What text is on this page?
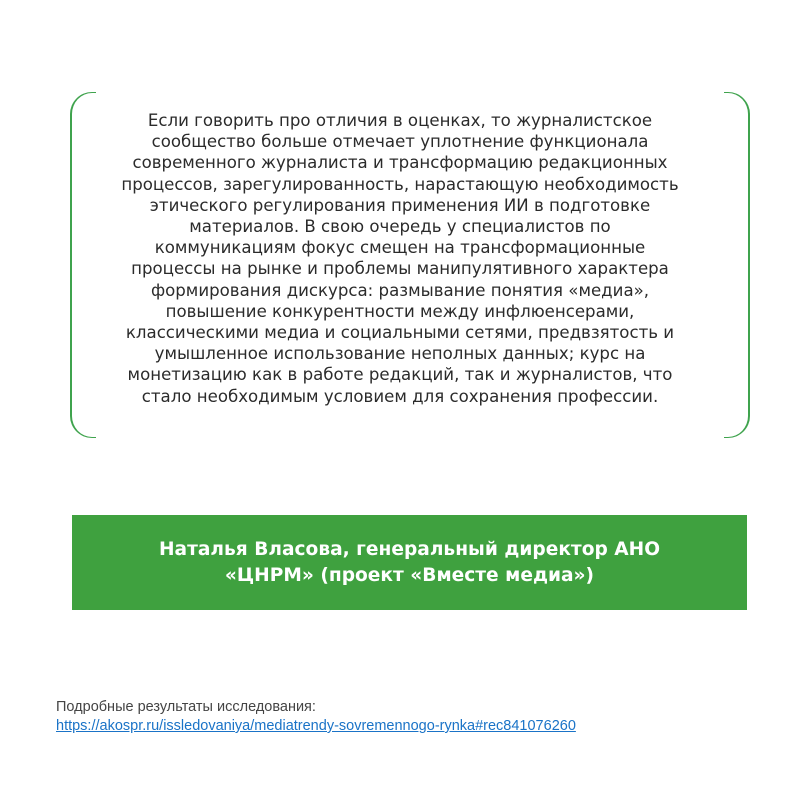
Если говорить про отличия в оценках, то журналистское
сообщество больше отмечает уплотнение функционала
современного журналиста и трансформацию редакционных
процессов, зарегулированность, нарастающую необходимость
этического регулирования применения ИИ в подготовке
материалов. В свою очередь у специалистов по
коммуникациям фокус смещен на трансформационные
процессы на рынке и проблемы манипулятивного характера
формирования дискурса: размывание понятия «медиа»,
повышение конкурентности между инфлюенсерами,
классическими медиа и социальными сетями, предвзятость и
умышленное использование неполных данных; курс на
монетизацию как в работе редакций, так и журналистов, что
стало необходимым условием для сохранения профессии.

Наталья Власова, генеральный директор АНО
«ЦНРМ» (проект «Вместе медиа»)

Подробные результаты исследования:
https://akospr.ru/issledovaniya/mediatrendy-sovremennogo-rynka#rec841076260
